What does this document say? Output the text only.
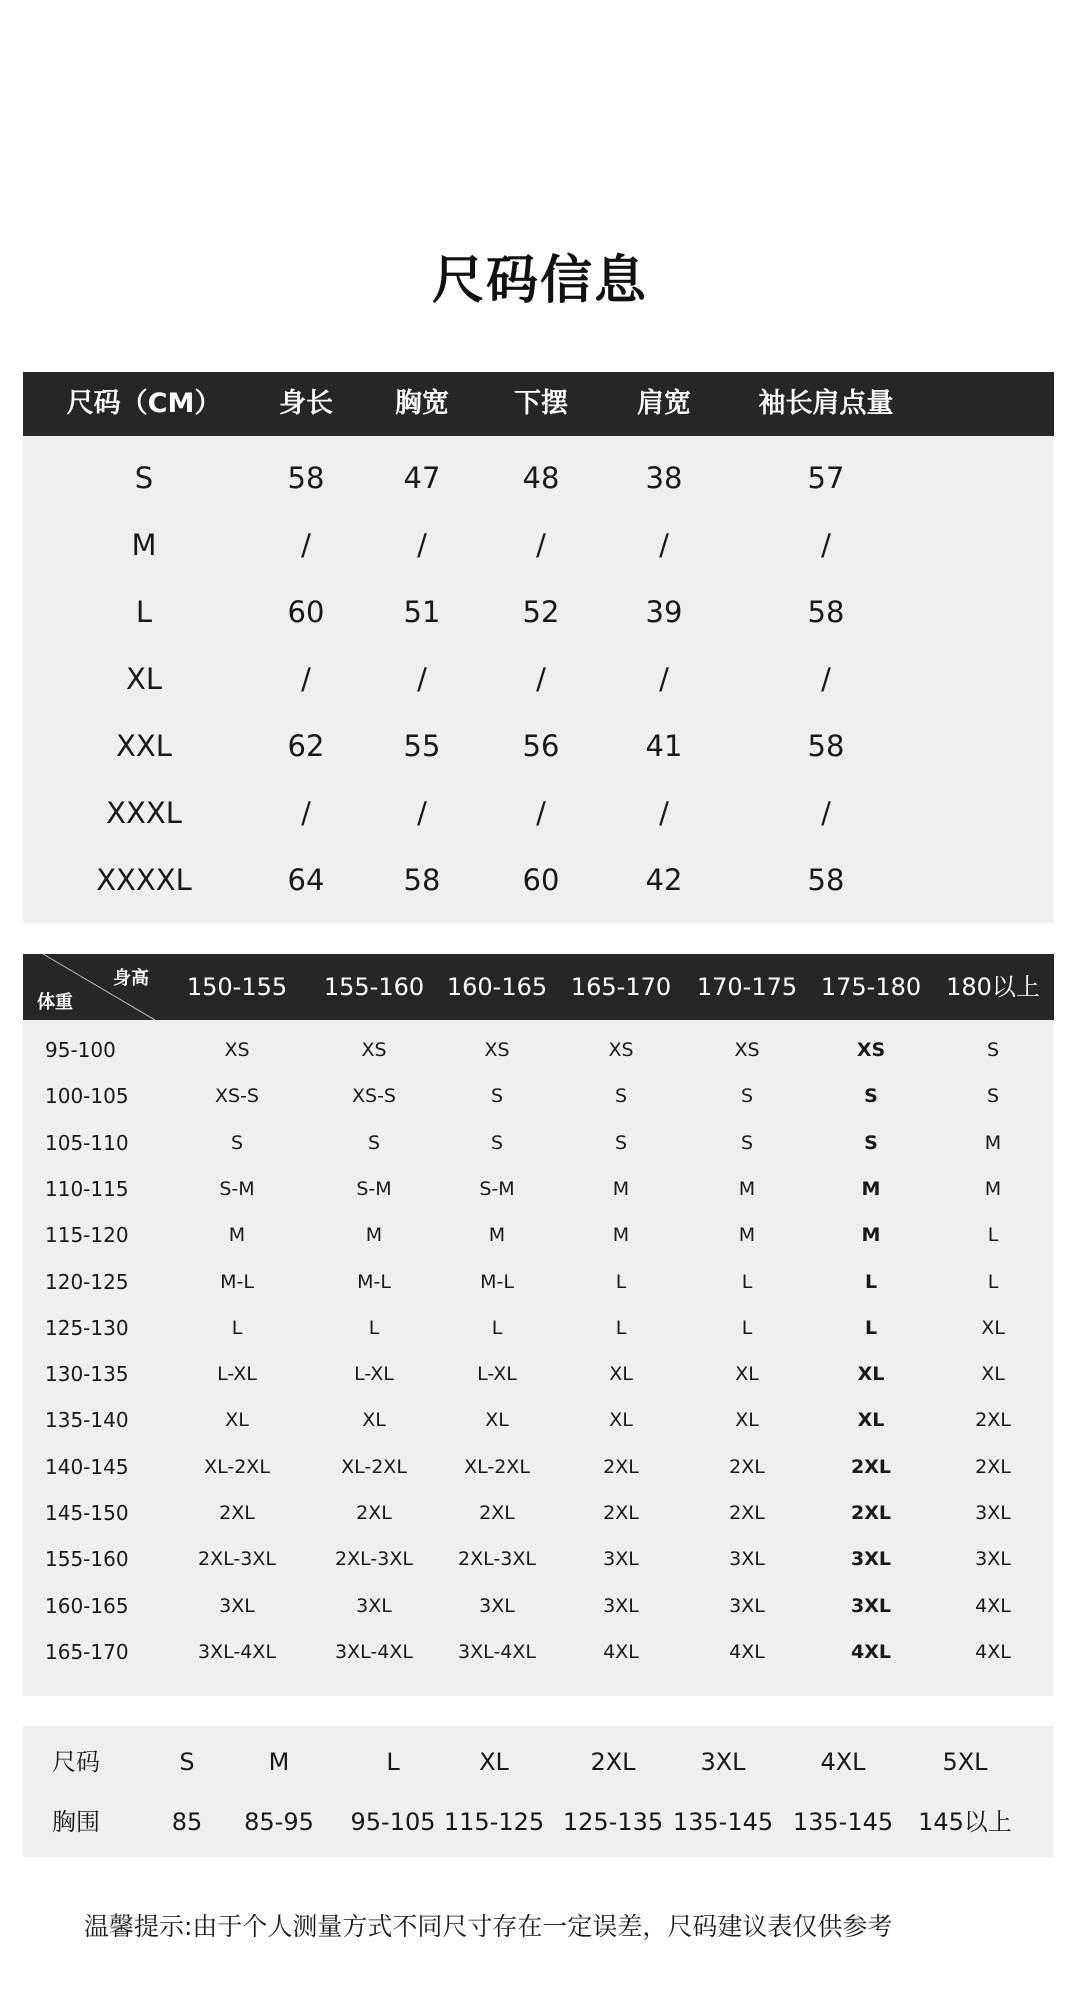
尺码信息
尺码（CM） 身长 胸宽 下摆	肩宽	袖长肩点量
S	58	47	48	38	57
M	/	/	/	/	/
L	60	51	52	39	58
XL	/	/	/	/	/
XXL	62	55	56	41	58
XXXL	/	/	/	/	/
XXXXL	64	58	60	42	58
身高
体重
150-155 155-160 160-165 165-170 170-175 175-180 180以上
95-100	XS	XS	XS	XS	XS	XS	S
100-105	XS-S	XS-S	S	S	S	S	S
105-110	S	S	S	S	S	S	M
110-115	S-M	S-M	S-M	M	M	M	M
115-120	M	M	M	M	M	M	L
120-125	M-L	M-L	M-L	L	L	L	L
125-130	L	L	L	L	L	L	XL
130-135	L-XL	L-XL	L-XL	XL	XL	XL	XL
135-140	XL	XL	XL	XL	XL	XL	2XL
140-145	XL-2XL	XL-2XL	XL-2XL	2XL	2XL	2XL	2XL
145-150	2XL	2XL	2XL	2XL	2XL	2XL	3XL
155-160	2XL-3XL	2XL-3XL 2XL-3XL	3XL	3XL	3XL	3XL
160-165	3XL	3XL	3XL	3XL	3XL	3XL	4XL
165-170	3XL-4XL	3XL-4XL 3XL-4XL	4XL	4XL	4XL	4XL
尺码	S	M	L	XL	2XL	3XL	4XL	5XL
胸围	85 85-95 95-105 115-125 125-135 135-145 135-145 145以上
温馨提示:由于个人测量方式不同尺寸存在一定误差，尺码建议表仅供参考
